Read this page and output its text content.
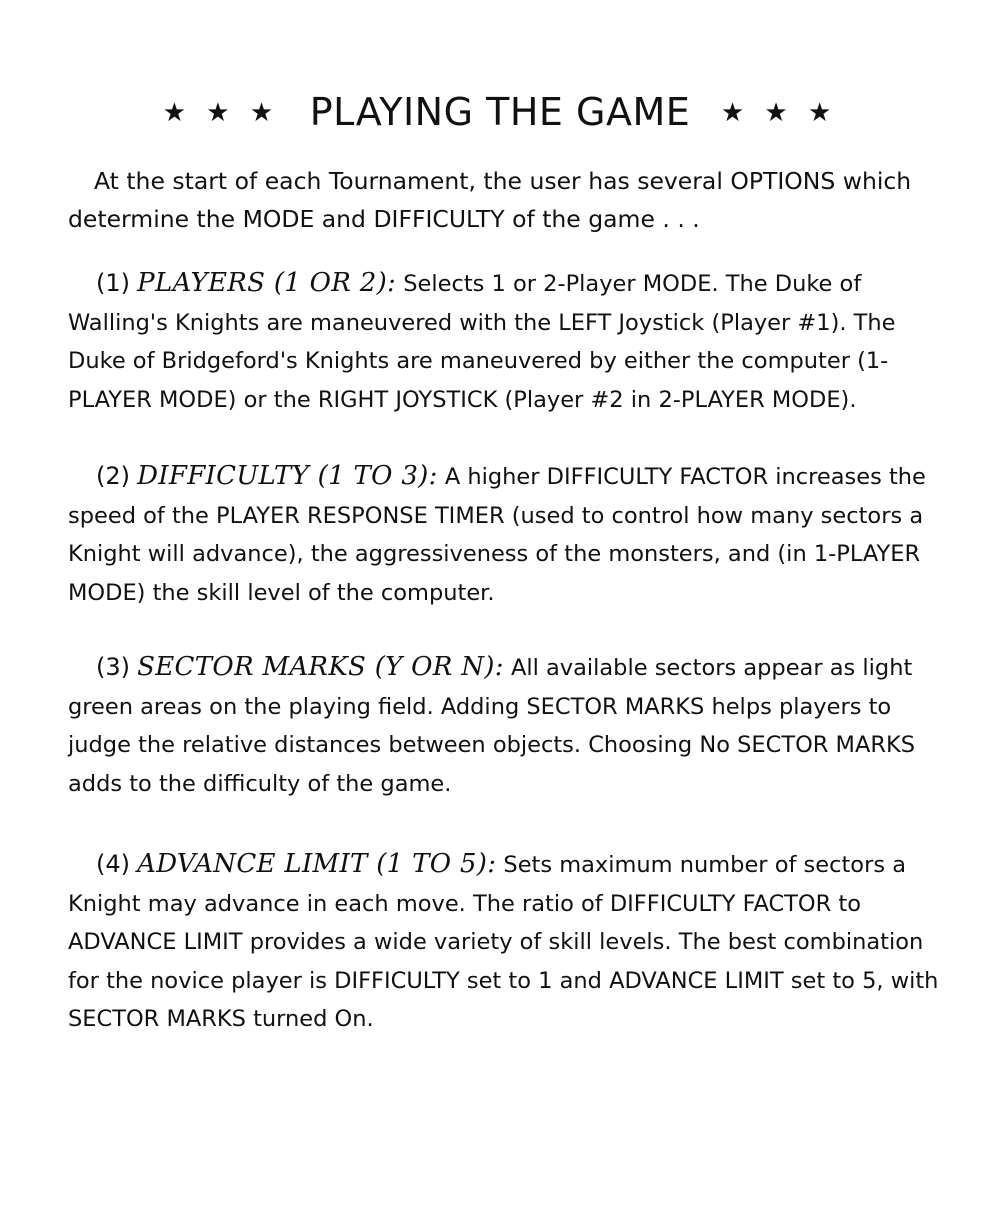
★ ★ ★ PLAYING THE GAME ★ ★ ★

At the start of each Tournament, the user has several OPTIONS which

determine the MODE and DIFFICULTY of the game . . .

(1) PLAYERS (1 OR 2): Selects 1 or 2-Player MODE. The Duke of Walling's Knights are maneuvered with the LEFT Joystick (Player #1). The Duke of Bridgeford's Knights are maneuvered by either the computer (1-PLAYER MODE) or the RIGHT JOYSTICK (Player #2 in 2-PLAYER MODE).

(2) DIFFICULTY (1 TO 3): A higher DIFFICULTY FACTOR increases the speed of the PLAYER RESPONSE TIMER (used to control how many sectors a Knight will advance), the aggressiveness of the monsters, and (in 1-PLAYER MODE) the skill level of the computer.

(3) SECTOR MARKS (Y OR N): All available sectors appear as light green areas on the playing field. Adding SECTOR MARKS helps players to judge the relative distances between objects. Choosing No SECTOR MARKS adds to the difficulty of the game.

(4) ADVANCE LIMIT (1 TO 5): Sets maximum number of sectors a Knight may advance in each move. The ratio of DIFFICULTY FACTOR to ADVANCE LIMIT provides a wide variety of skill levels. The best combination for the novice player is DIFFICULTY set to 1 and ADVANCE LIMIT set to 5, with SECTOR MARKS turned On.
